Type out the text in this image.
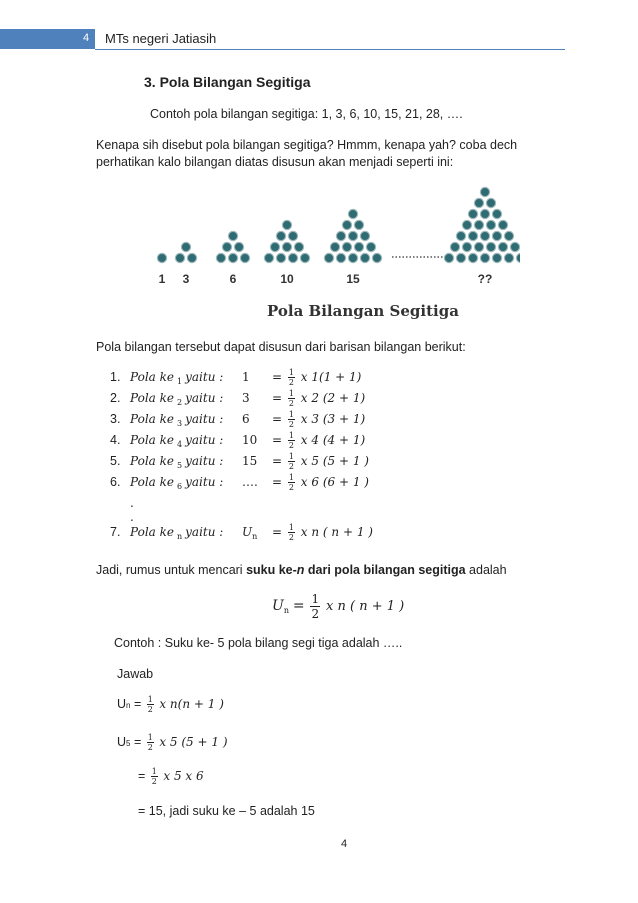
4 MTs negeri Jatiasih
3. Pola Bilangan Segitiga
Contoh pola bilangan segitiga: 1, 3, 6, 10, 15, 21, 28, ….
Kenapa sih disebut pola bilangan segitiga? Hmmm, kenapa yah? coba dech
perhatikan kalo bilangan diatas disusun akan menjadi seperti ini:
1 3	6	10	15	??
Pola Bilangan Segitiga
Pola bilangan tersebut dapat disusun dari barisan bilangan berikut:
1. Pola ke $_1$ yaitu : $1 = \frac{1}{2}$ x 1(1 + 1)
2. Pola ke $_2$ yaitu : $3 = \frac{1}{2}$ x 2 (2 + 1)
3. Pola ke $_3$ yaitu : $6 = \frac{1}{2}$ x 3 (3 + 1)
4. Pola ke $_4$ yaitu : $10 = \frac{1}{2}$ x 4 (4 + 1)
5. Pola ke $_5$ yaitu : $15 = \frac{1}{2}$ x 5 (5 + 1 )
6. Pola ke $_6$ yaitu : …. = $\frac{1}{2}$ x 6 (6 + 1 )
.
.
7. Pola ke $_n$ yaitu : $U_n = \frac{1}{2}$ x n ( n + 1 )
Jadi, rumus untuk mencari suku ke-n dari pola bilangan segitiga adalah
$U_n = \frac{1}{2}$ x n ( n + 1 )
Contoh : Suku ke- 5 pola bilang segi tiga adalah …..
Jawab
$Un = \frac{1}{2}$ x n(n + 1 )
$U5 = \frac{1}{2}$ x 5 (5 + 1 )
= $\frac{1}{2}$ x 5 x 6
= 15, jadi suku ke – 5 adalah 15
4
